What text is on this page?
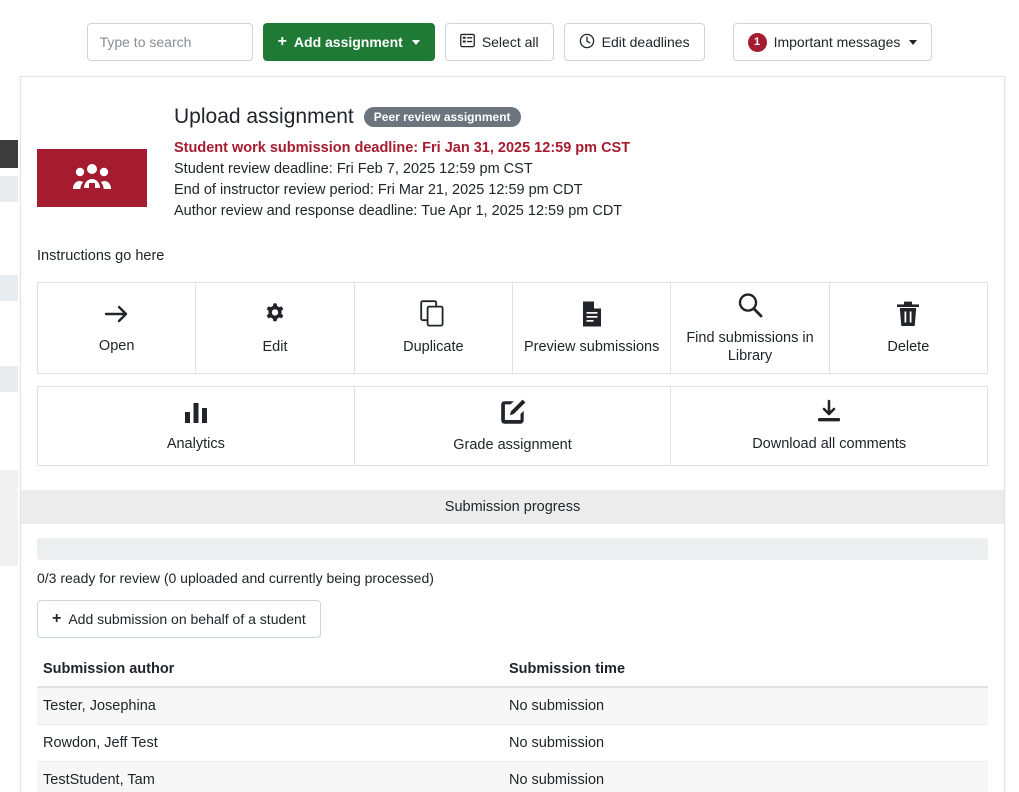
Type to search
+ Add assignment	Select all	Edit deadlines	1 Important messages
Upload assignment	Peer review assignment
Student work submission deadline: Fri Jan 31, 2025 12:59 pm CST
Student review deadline: Fri Feb 7, 2025 12:59 pm CST
End of instructor review period: Fri Mar 21, 2025 12:59 pm CDT
Author review and response deadline: Tue Apr 1, 2025 12:59 pm CDT
Instructions go here
Open	Edit	Duplicate	Preview submissions
Find submissions in Library
Delete
Analytics	Grade assignment	Download all comments
Submission progress
0/3 ready for review (0 uploaded and currently being processed)
+ Add submission on behalf of a student
Submission author	Submission time
Tester, Josephina	No submission
Rowdon, Jeff Test	No submission
TestStudent, Tam	No submission
